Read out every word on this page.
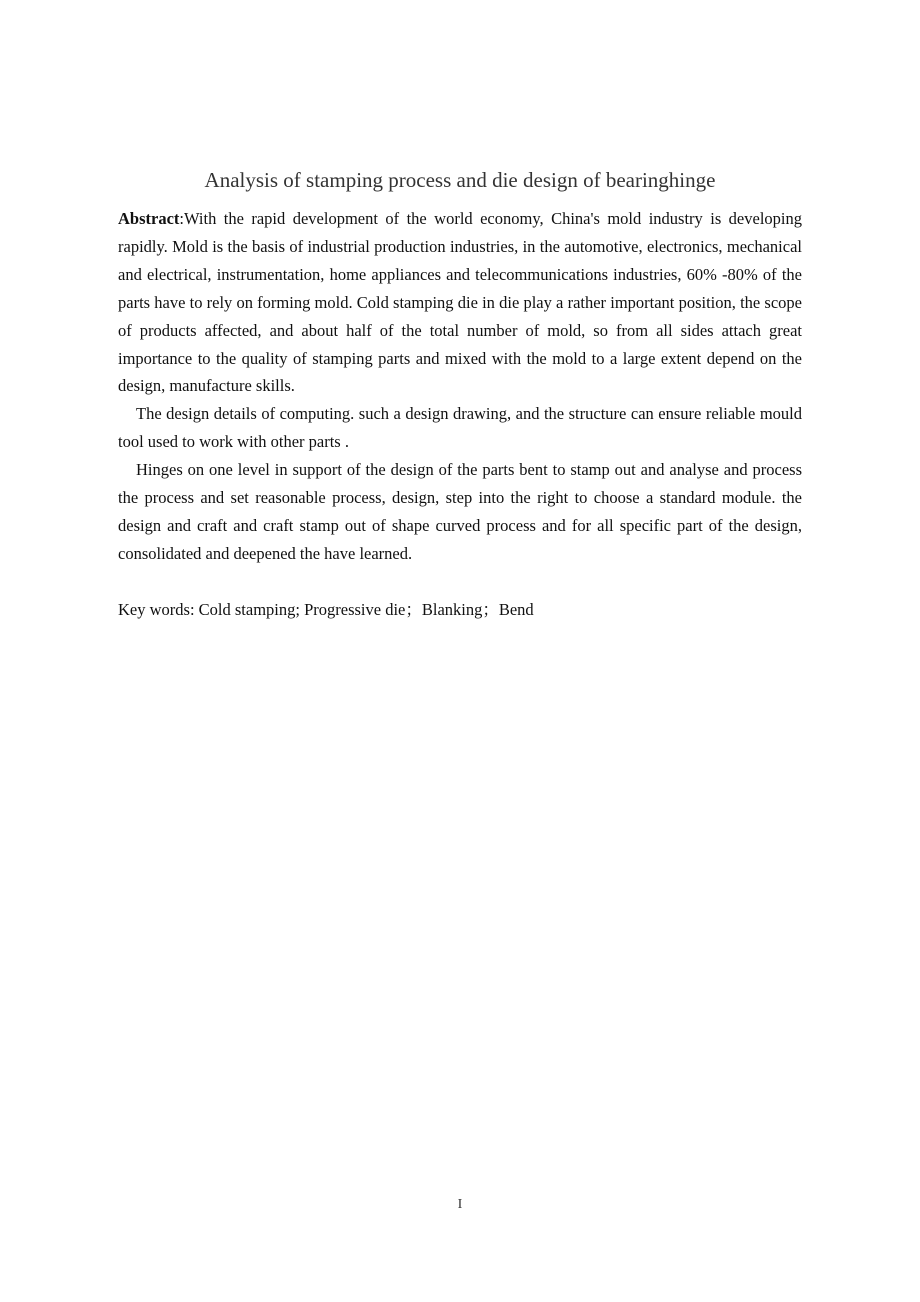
Analysis of stamping process and die design of bearinghinge

Abstract:With the rapid development of the world economy, China's mold industry is developing rapidly. Mold is the basis of industrial production industries, in the automotive, electronics, mechanical and electrical, instrumentation, home appliances and telecommunications industries, 60% -80% of the parts have to rely on forming mold. Cold stamping die in die play a rather important position, the scope of products affected, and about half of the total number of mold, so from all sides attach great importance to the quality of stamping parts and mixed with the mold to a large extent depend on the design, manufacture skills.

The design details of computing. such a design drawing, and the structure can ensure reliable mould tool used to work with other parts .

Hinges on one level in support of the design of the parts bent to stamp out and analyse and process the process and set reasonable process, design, step into the right to choose a standard module. the design and craft and craft stamp out of shape curved process and for all specific part of the design, consolidated and deepened the have learned.

Key words: Cold stamping; Progressive die；Blanking；Bend

I
